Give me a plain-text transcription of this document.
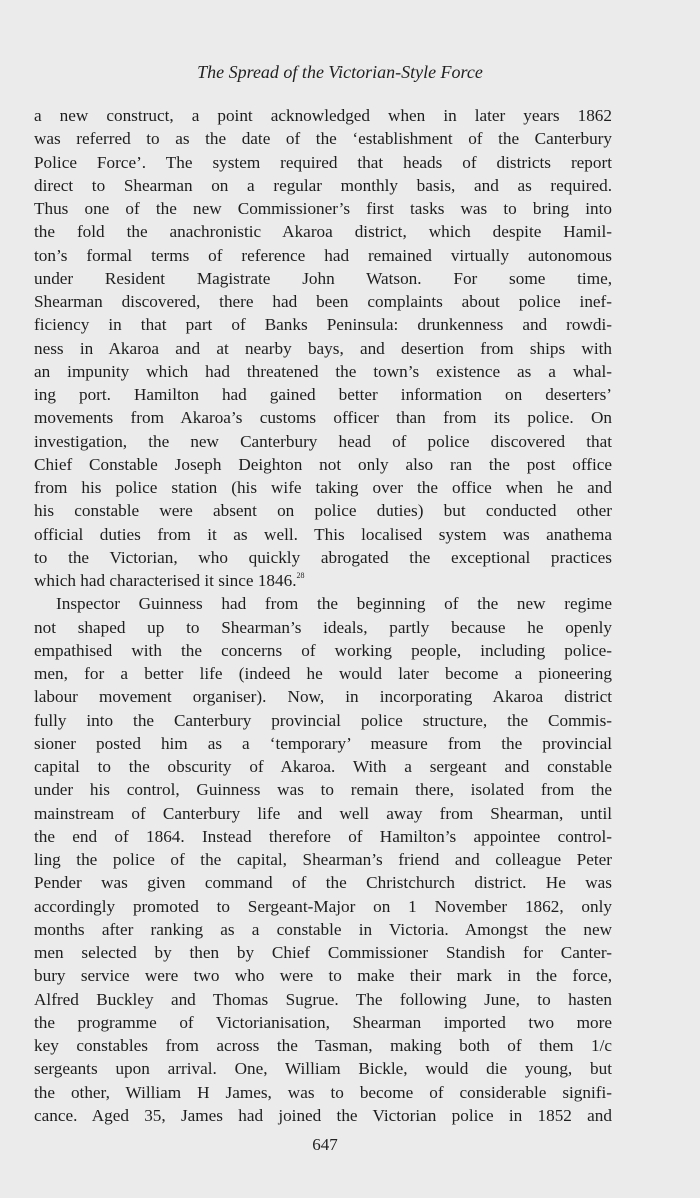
The Spread of the Victorian-Style Force
a new construct, a point acknowledged when in later years 1862
was referred to as the date of the ‘establishment of the Canterbury
Police Force’. The system required that heads of districts report
direct to Shearman on a regular monthly basis, and as required.
Thus one of the new Commissioner’s first tasks was to bring into
the fold the anachronistic Akaroa district, which despite Hamil-
ton’s formal terms of reference had remained virtually autonomous
under Resident Magistrate John Watson. For some time,
Shearman discovered, there had been complaints about police inef-
ficiency in that part of Banks Peninsula: drunkenness and rowdi-
ness in Akaroa and at nearby bays, and desertion from ships with
an impunity which had threatened the town’s existence as a whal-
ing port. Hamilton had gained better information on deserters’
movements from Akaroa’s customs officer than from its police. On
investigation, the new Canterbury head of police discovered that
Chief Constable Joseph Deighton not only also ran the post office
from his police station (his wife taking over the office when he and
his constable were absent on police duties) but conducted other
official duties from it as well. This localised system was anathema
to the Victorian, who quickly abrogated the exceptional practices
which had characterised it since 1846.28
Inspector Guinness had from the beginning of the new regime
not shaped up to Shearman’s ideals, partly because he openly
empathised with the concerns of working people, including police-
men, for a better life (indeed he would later become a pioneering
labour movement organiser). Now, in incorporating Akaroa district
fully into the Canterbury provincial police structure, the Commis-
sioner posted him as a ‘temporary’ measure from the provincial
capital to the obscurity of Akaroa. With a sergeant and constable
under his control, Guinness was to remain there, isolated from the
mainstream of Canterbury life and well away from Shearman, until
the end of 1864. Instead therefore of Hamilton’s appointee control-
ling the police of the capital, Shearman’s friend and colleague Peter
Pender was given command of the Christchurch district. He was
accordingly promoted to Sergeant-Major on 1 November 1862, only
months after ranking as a constable in Victoria. Amongst the new
men selected by then by Chief Commissioner Standish for Canter-
bury service were two who were to make their mark in the force,
Alfred Buckley and Thomas Sugrue. The following June, to hasten
the programme of Victorianisation, Shearman imported two more
key constables from across the Tasman, making both of them 1/c
sergeants upon arrival. One, William Bickle, would die young, but
the other, William H James, was to become of considerable signifi-
cance. Aged 35, James had joined the Victorian police in 1852 and
647
